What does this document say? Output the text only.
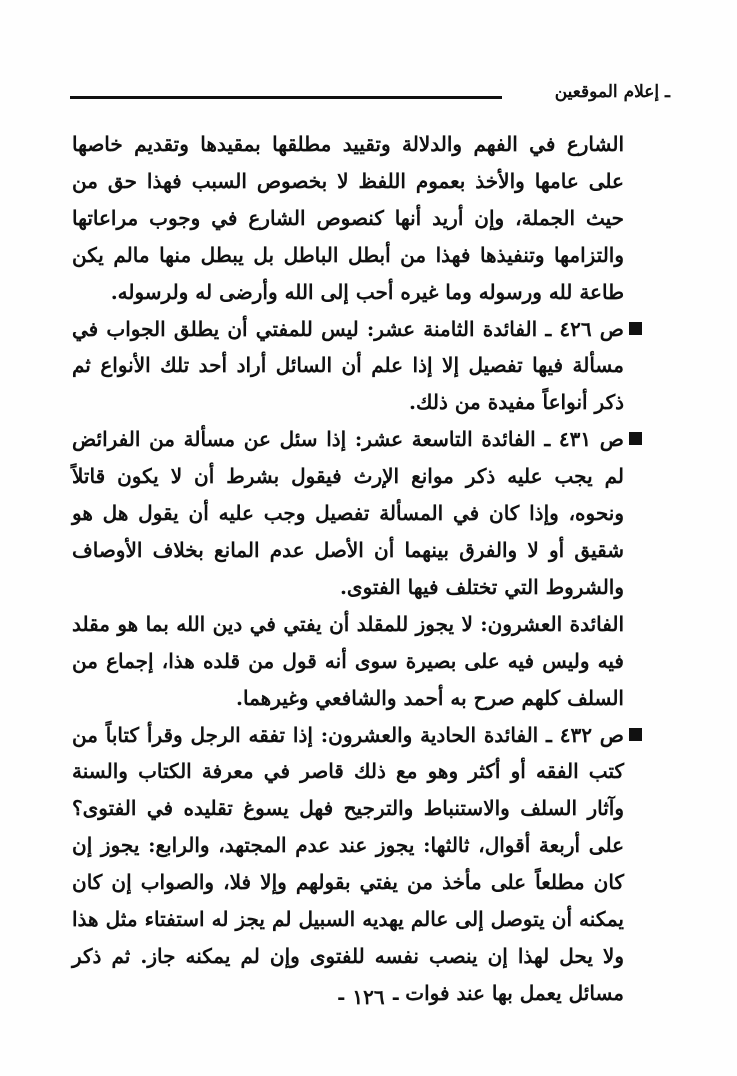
ـ إعلام الموقعين

الشارع في الفهم والدلالة وتقييد مطلقها بمقيدها وتقديم خاصها على عامها والأخذ بعموم اللفظ لا بخصوص السبب فهذا حق من حيث الجملة، وإن أريد أنها كنصوص الشارع في وجوب مراعاتها والتزامها وتنفيذها فهذا من أبطل الباطل بل يبطل منها مالم يكن طاعة لله ورسوله وما غيره أحب إلى الله وأرضى له ولرسوله.

ص ٤٢٦ ـ الفائدة الثامنة عشر: ليس للمفتي أن يطلق الجواب في مسألة فيها تفصيل إلا إذا علم أن السائل أراد أحد تلك الأنواع ثم ذكر أنواعاً مفيدة من ذلك.

ص ٤٣١ ـ الفائدة التاسعة عشر: إذا سئل عن مسألة من الفرائض لم يجب عليه ذكر موانع الإرث فيقول بشرط أن لا يكون قاتلاً ونحوه، وإذا كان في المسألة تفصيل وجب عليه أن يقول هل هو شقيق أو لا والفرق بينهما أن الأصل عدم المانع بخلاف الأوصاف والشروط التي تختلف فيها الفتوى.

الفائدة العشرون: لا يجوز للمقلد أن يفتي في دين الله بما هو مقلد فيه وليس فيه على بصيرة سوى أنه قول من قلده هذا، إجماع من السلف كلهم صرح به أحمد والشافعي وغيرهما.

ص ٤٣٢ ـ الفائدة الحادية والعشرون: إذا تفقه الرجل وقرأ كتاباً من كتب الفقه أو أكثر وهو مع ذلك قاصر في معرفة الكتاب والسنة وآثار السلف والاستنباط والترجيح فهل يسوغ تقليده في الفتوى؟ على أربعة أقوال، ثالثها: يجوز عند عدم المجتهد، والرابع: يجوز إن كان مطلعاً على مأخذ من يفتي بقولهم وإلا فلا، والصواب إن كان يمكنه أن يتوصل إلى عالم يهديه السبيل لم يجز له استفتاء مثل هذا ولا يحل لهذا إن ينصب نفسه للفتوى وإن لم يمكنه جاز. ثم ذكر مسائل يعمل بها عند فوات

- ١٢٦ -
